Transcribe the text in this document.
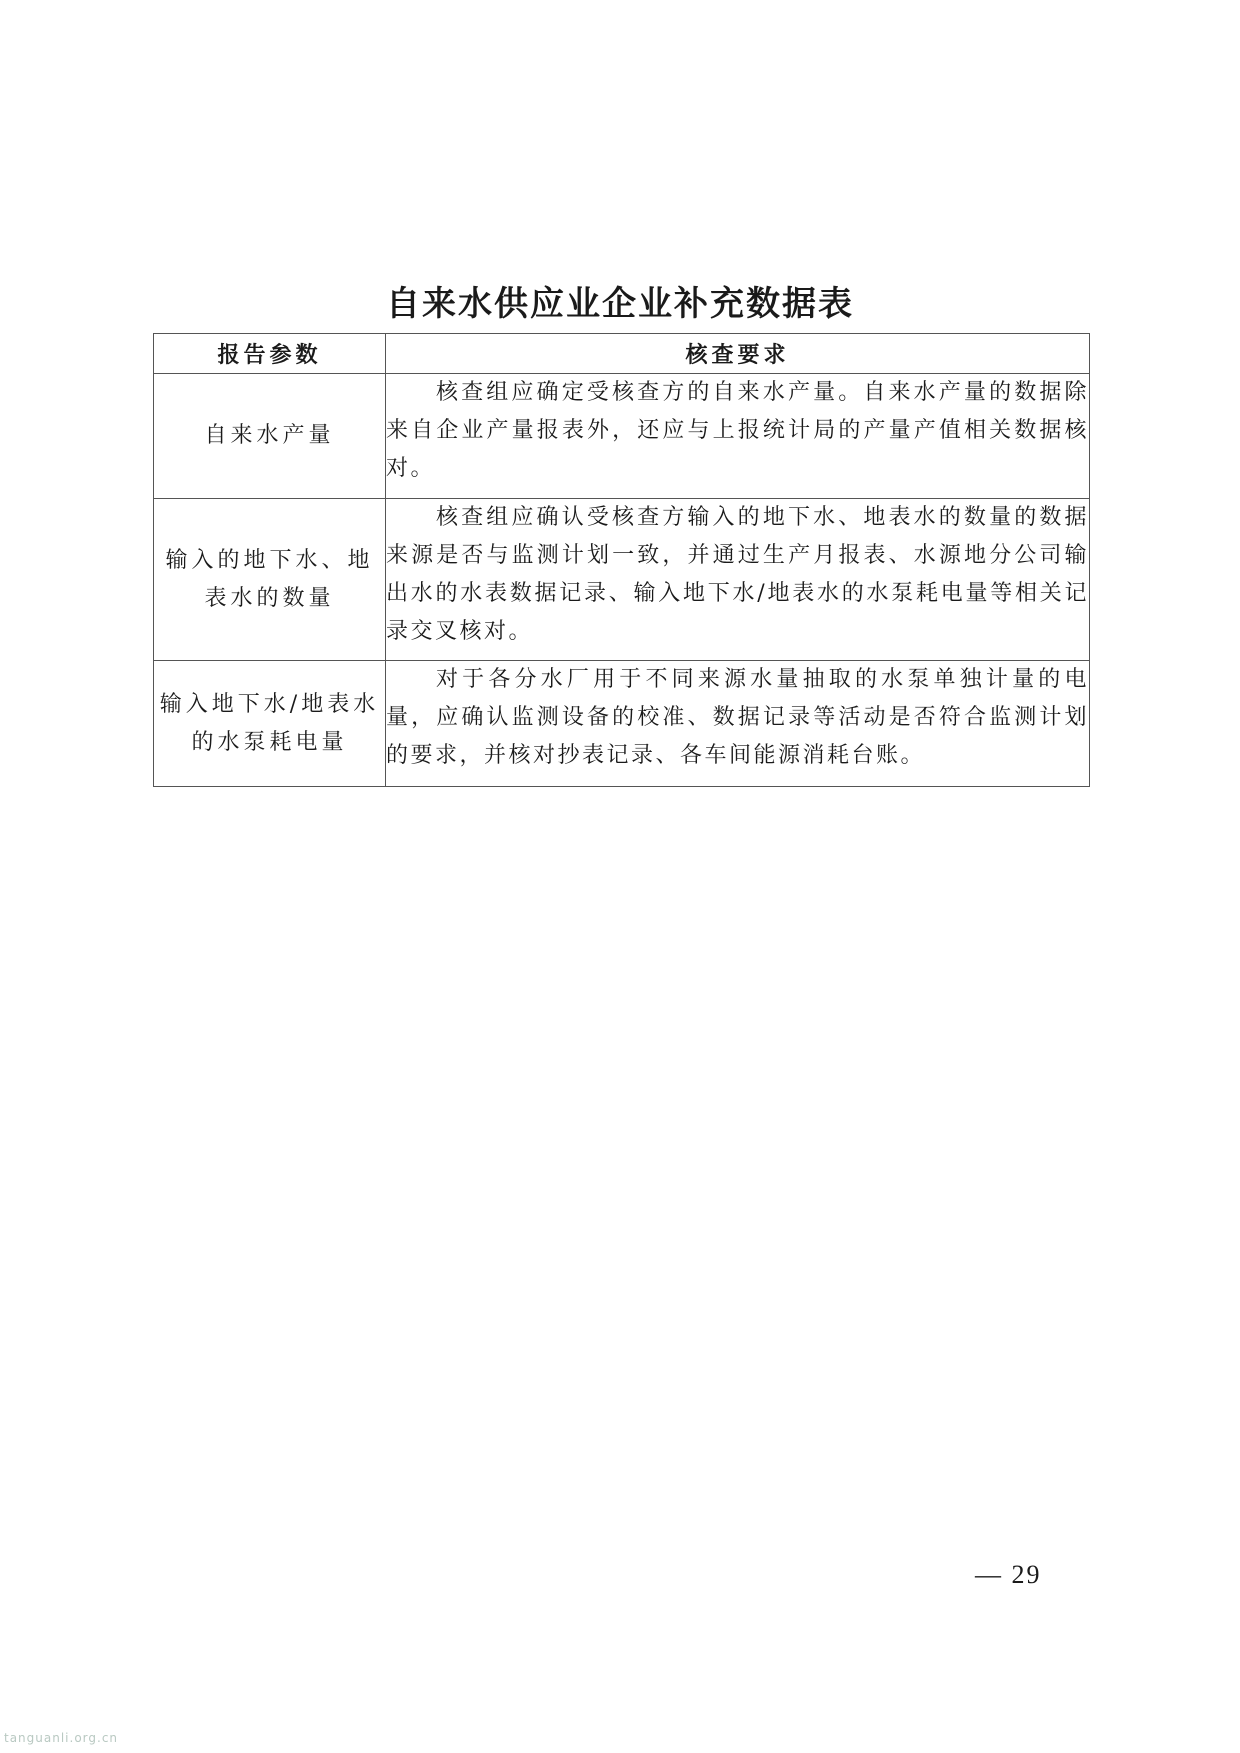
自来水供应业企业补充数据表
报告参数	核查要求
自来水产量	核查组应确定受核查方的自来水产量。自来水产量的数据除来自企业产量报表外，还应与上报统计局的产量产值相关数据核对。
输入的地下水、地表水的数量	核查组应确认受核查方输入的地下水、地表水的数量的数据来源是否与监测计划一致，并通过生产月报表、水源地分公司输出水的水表数据记录、输入地下水/地表水的水泵耗电量等相关记录交叉核对。
输入地下水/地表水的水泵耗电量	对于各分水厂用于不同来源水量抽取的水泵单独计量的电量，应确认监测设备的校准、数据记录等活动是否符合监测计划的要求，并核对抄表记录、各车间能源消耗台账。
— 29
tanguanli.org.cn
